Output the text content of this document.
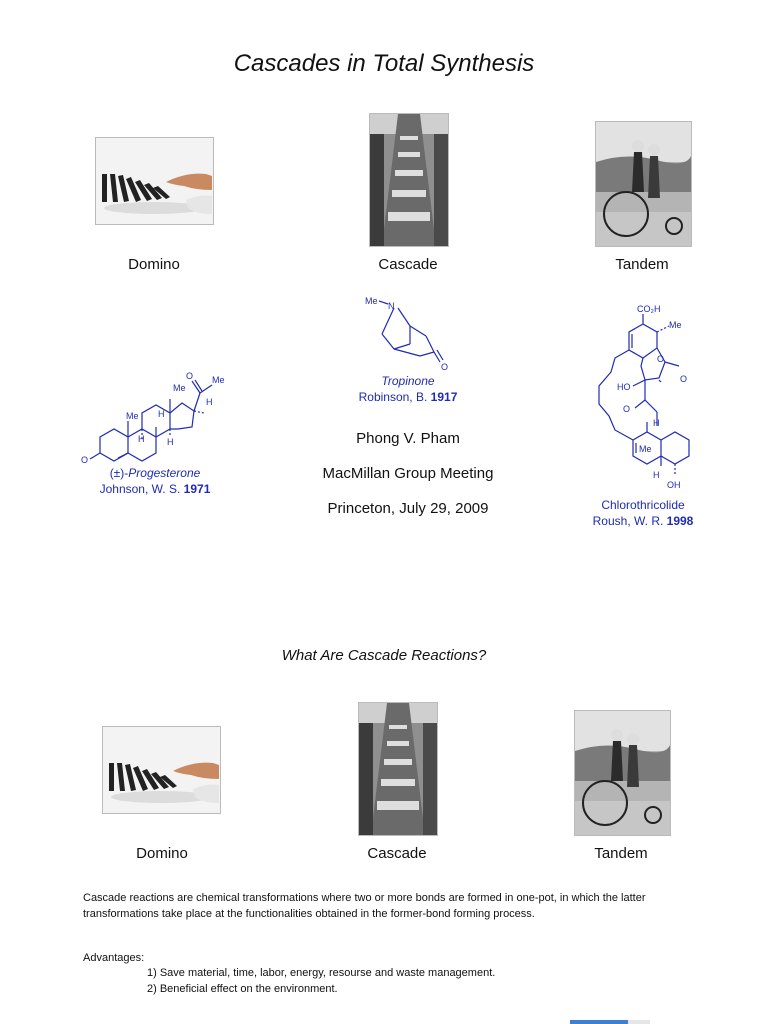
Cascades in Total Synthesis
Domino	Cascade	Tandem
Me N
O
Tropinone
Robinson, B. 1917
O Me
Me
H
Me H
H	H
O
(±)-Progesterone
Johnson, W. S. 1971
CO₂H
Me
O
O
HO
O
H
Me
H
OH
Chlorothricolide
Roush, W. R. 1998
Phong V. Pham
MacMillan Group Meeting
Princeton, July 29, 2009
What Are Cascade Reactions?
Domino	Cascade	Tandem
Cascade reactions are chemical transformations where two or more bonds are formed in one-pot, in which the latter transformations take place at the functionalities obtained in the former-bond forming process.
Advantages:
1) Save material, time, labor, energy, resourse and waste management.
2) Beneficial effect on the environment.
